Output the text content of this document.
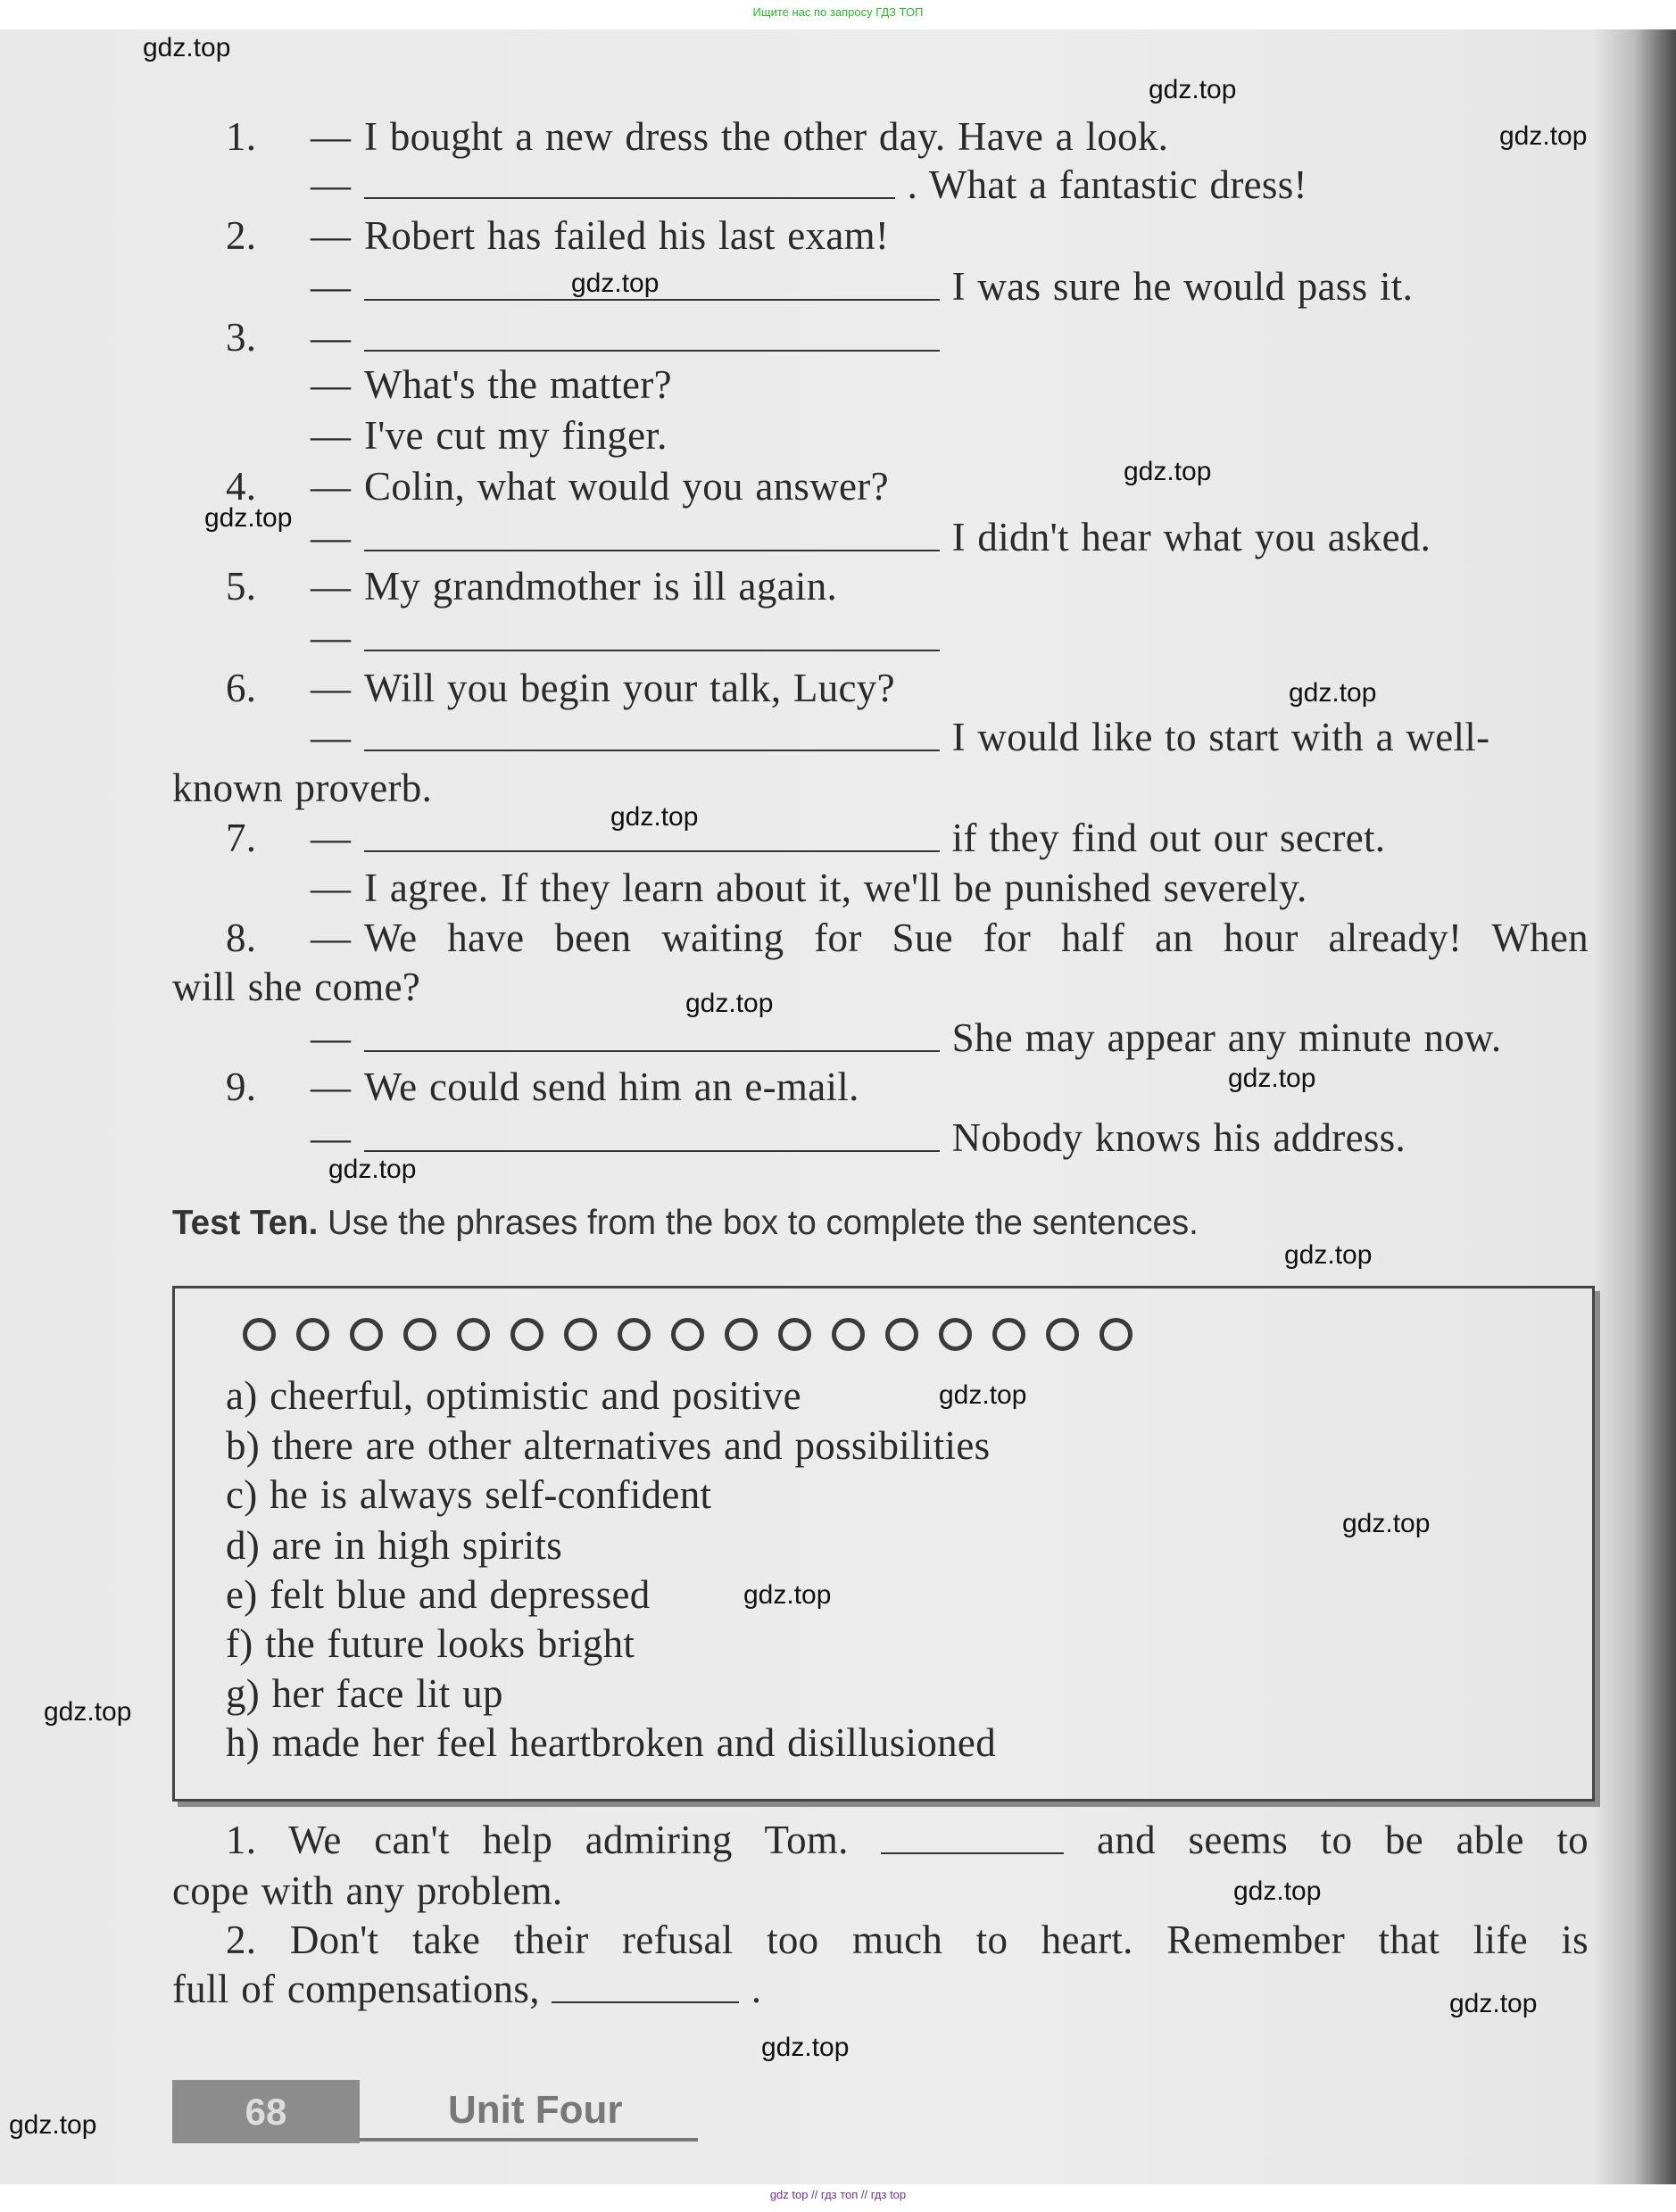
Ищите нас по запросу ГДЗ ТОП
1. — I bought a new dress the other day. Have a look.
—	. What a fantastic dress!
2. — Robert has failed his last exam!
—	I was sure he would pass it.
3. —
— What's the matter?
— I've cut my finger.
4. — Colin, what would you answer?
—	I didn't hear what you asked.
5. — My grandmother is ill again.
—
6. — Will you begin your talk, Lucy?
—	I would like to start with a well-
known proverb.
7. —	if they find out our secret.
— I agree. If they learn about it, we'll be punished severely.
8. — We have been waiting for Sue for half an hour already! When
will she come?
—	She may appear any minute now.
9. — We could send him an e-mail.
—	Nobody knows his address.
Test Ten. Use the phrases from the box to complete the sentences.
a) cheerful, optimistic and positive
b) there are other alternatives and possibilities
c) he is always self-confident
d) are in high spirits
e) felt blue and depressed
f) the future looks bright
g) her face lit up
h) made her feel heartbroken and disillusioned
1. We can't help admiring Tom.	and seems to be able to
cope with any problem.
2. Don't take their refusal too much to heart. Remember that life is
full of compensations,	.
68	Unit Four
gdz.top
gdz.top
gdz.top
gdz.top
gdz.top
gdz.top
gdz.top
gdz.top
gdz.top
gdz.top
gdz.top
gdz.top
gdz.top
gdz.top
gdz.top
gdz.top
gdz.top
gdz.top
gdz.top
gdz.top
gdz top // гдз топ // гдз top
